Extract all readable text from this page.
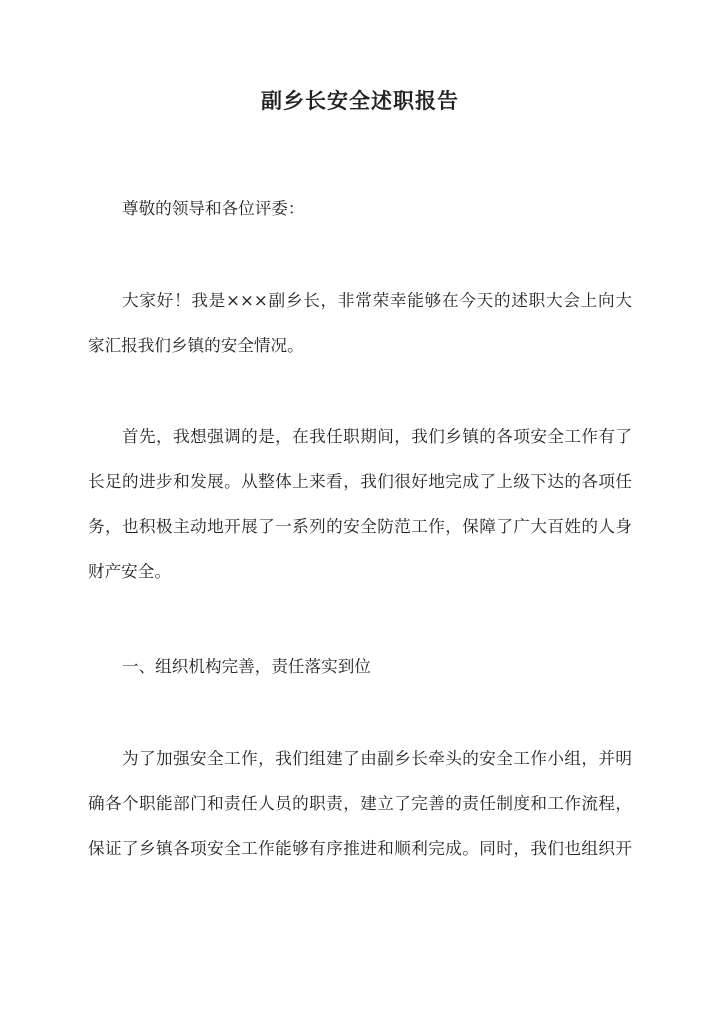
副乡长安全述职报告
尊敬的领导和各位评委：
大家好！我是×××副乡长，非常荣幸能够在今天的述职大会上向大
家汇报我们乡镇的安全情况。
首先，我想强调的是，在我任职期间，我们乡镇的各项安全工作有了
长足的进步和发展。从整体上来看，我们很好地完成了上级下达的各项任
务，也积极主动地开展了一系列的安全防范工作，保障了广大百姓的人身
财产安全。
一、组织机构完善，责任落实到位
为了加强安全工作，我们组建了由副乡长牵头的安全工作小组，并明
确各个职能部门和责任人员的职责，建立了完善的责任制度和工作流程，
保证了乡镇各项安全工作能够有序推进和顺利完成。同时，我们也组织开
